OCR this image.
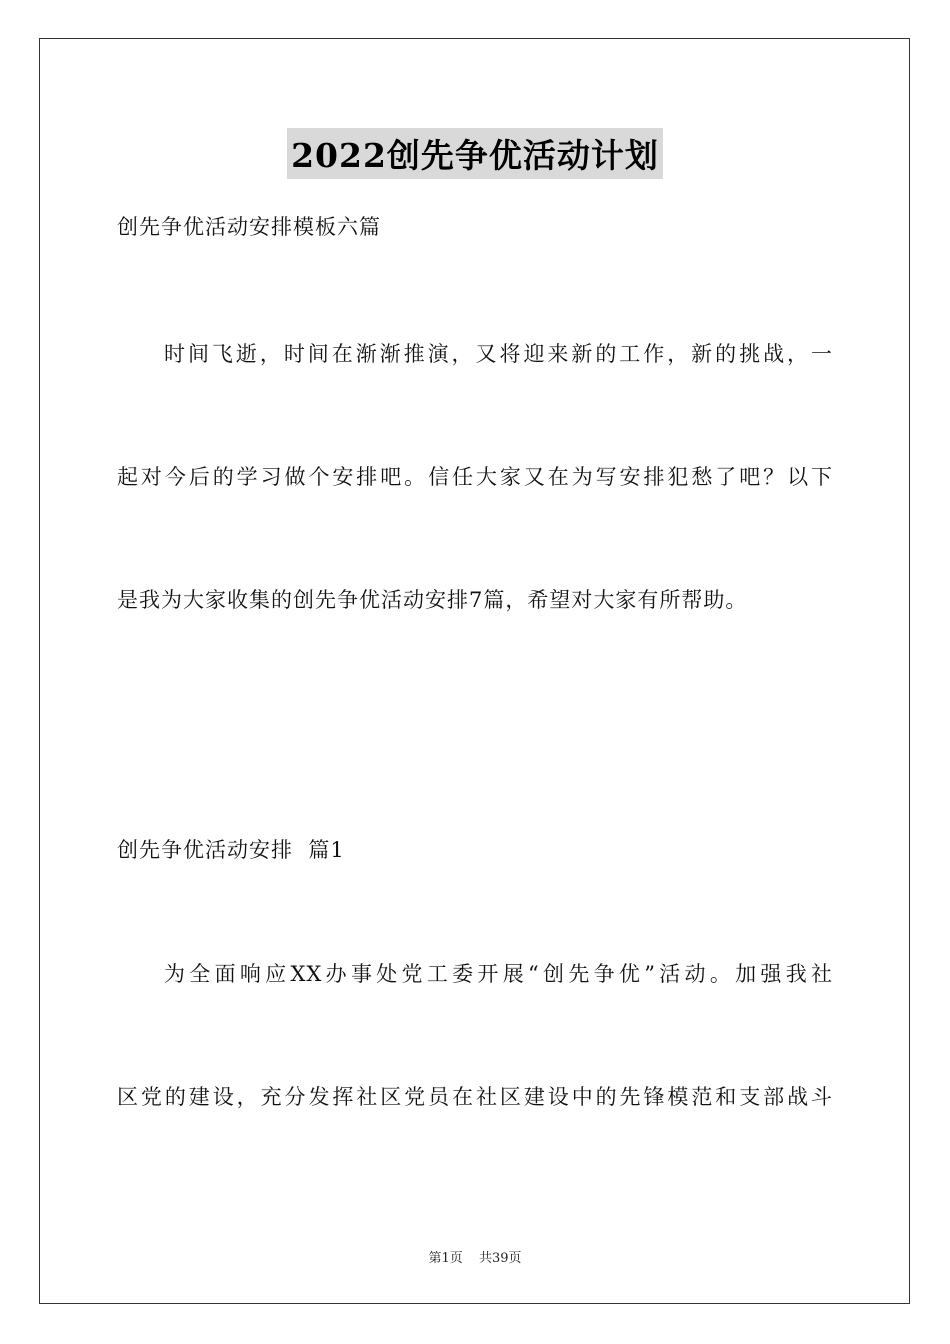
2022创先争优活动计划
创先争优活动安排模板六篇
时间飞逝，时间在渐渐推演，又将迎来新的工作，新的挑战，一
起对今后的学习做个安排吧。信任大家又在为写安排犯愁了吧？以下
是我为大家收集的创先争优活动安排7篇，希望对大家有所帮助。
创先争优活动安排  篇1
为全面响应XX办事处党工委开展“创先争优”活动。加强我社
区党的建设，充分发挥社区党员在社区建设中的先锋模范和支部战斗
第1页 共39页
